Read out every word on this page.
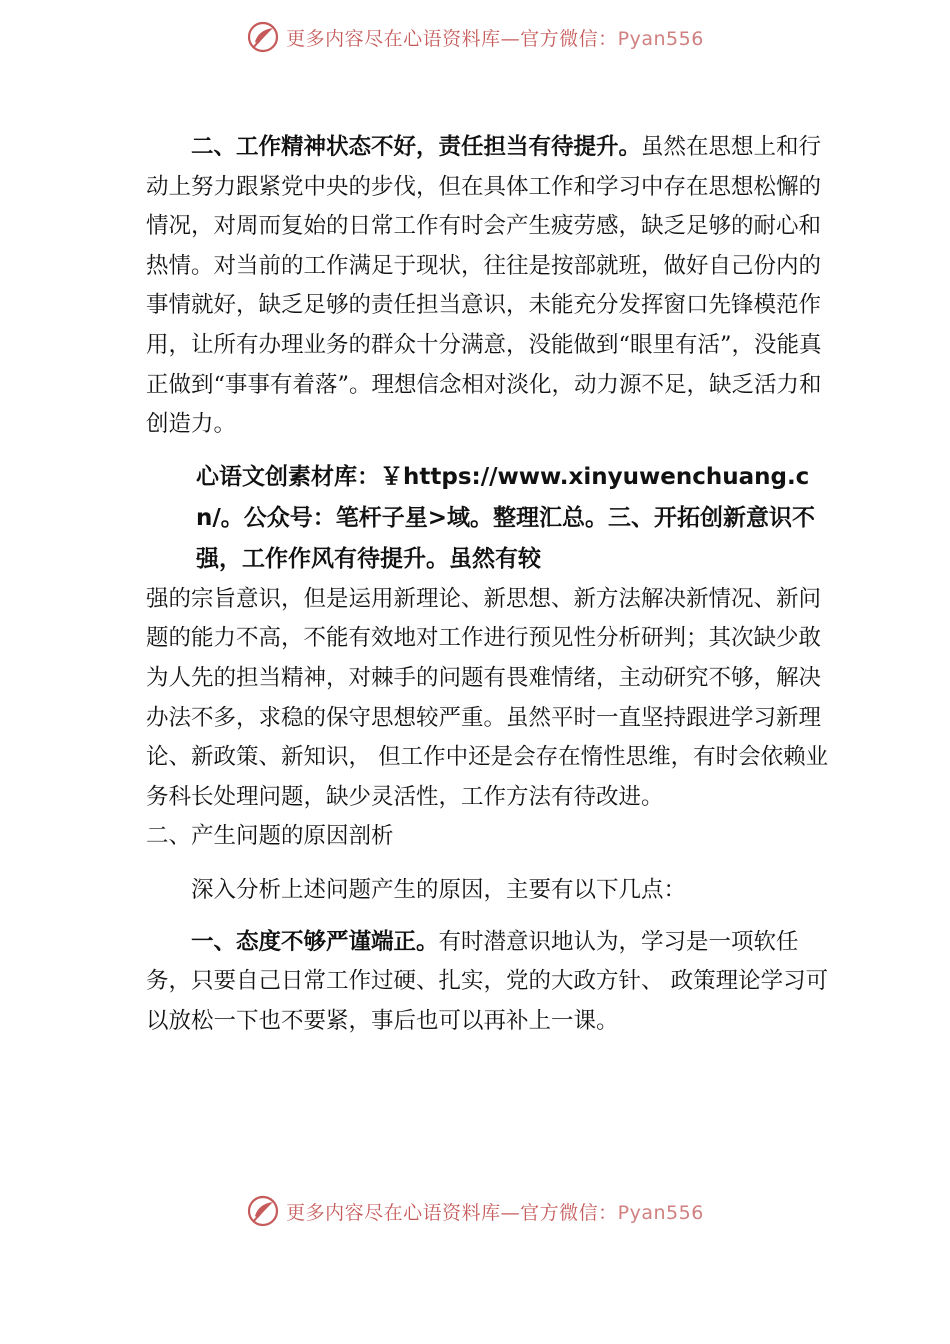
更多内容尽在心语资料库—官方微信：Pyan556

二、工作精神状态不好，责任担当有待提升。虽然在思想上和行动上努力跟紧党中央的步伐，但在具体工作和学习中存在思想松懈的情况，对周而复始的日常工作有时会产生疲劳感，缺乏足够的耐心和热情。对当前的工作满足于现状，往往是按部就班，做好自己份内的事情就好，缺乏足够的责任担当意识，未能充分发挥窗口先锋模范作用，让所有办理业务的群众十分满意，没能做到“眼里有活”，没能真正做到“事事有着落”。理想信念相对淡化，动力源不足，缺乏活力和创造力。

心语文创素材库：￥https://www.xinyuwenchuang.cn/。公众号：笔杆子星>域。整理汇总。三、开拓创新意识不强，工作作风有待提升。虽然有较

强的宗旨意识，但是运用新理论、新思想、新方法解决新情况、新问题的能力不高，不能有效地对工作进行预见性分析研判；其次缺少敢为人先的担当精神，对棘手的问题有畏难情绪，主动研究不够，解决办法不多，求稳的保守思想较严重。虽然平时一直坚持跟进学习新理论、新政策、新知识， 但工作中还是会存在惰性思维，有时会依赖业务科长处理问题，缺少灵活性，工作方法有待改进。

二、产生问题的原因剖析

深入分析上述问题产生的原因，主要有以下几点：

一、态度不够严谨端正。有时潜意识地认为，学习是一项软任务，只要自己日常工作过硬、扎实，党的大政方针、 政策理论学习可以放松一下也不要紧，事后也可以再补上一课。

更多内容尽在心语资料库—官方微信：Pyan556
